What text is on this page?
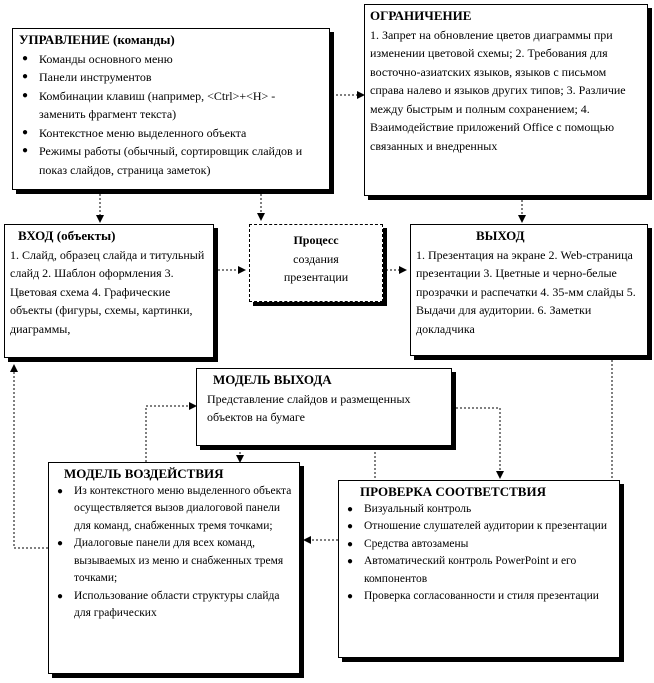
УПРАВЛЕНИЕ (команды)
● Команды основного меню
● Панели инструментов
● Комбинации клавиш (например, <Ctrl>+<H> - заменить фрагмент текста)
● Контекстное меню выделенного объекта
● Режимы работы (обычный, сортировщик слайдов и показ слайдов, страница заметок)
ОГРАНИЧЕНИЕ
1. Запрет на обновление цветов диаграммы при изменении цветовой схемы; 2. Требования для восточно-азиатских языков, языков с письмом справа налево и языков других типов; 3. Различие между быстрым и полным сохранением; 4. Взаимодействие приложений Office с помощью связанных и внедренных
ВХОД (объекты)
1. Слайд, образец слайда и титульный слайд 2. Шаблон оформления 3. Цветовая схема 4. Графические объекты (фигуры, схемы, картинки, диаграммы,
Процесс
создания
презентации
ВЫХОД
1. Презентация на экране 2. Web-страница презентации 3. Цветные и черно-белые прозрачки и распечатки 4. 35-мм слайды 5. Выдачи для аудитории. 6. Заметки докладчика
МОДЕЛЬ ВЫХОДА
Представление слайдов и размещенных объектов на бумаге
МОДЕЛЬ ВОЗДЕЙСТВИЯ
● Из контекстного меню выделенного объекта осуществляется вызов диалоговой панели для команд, снабженных тремя точками;
● Диалоговые панели для всех команд, вызываемых из меню и снабженных тремя точками;
● Использование области структуры слайда для графических
ПРОВЕРКА СООТВЕТСТВИЯ
● Визуальный контроль
● Отношение слушателей аудитории к презентации
● Средства автозамены
● Автоматический контроль PowerPoint и его компонентов
● Проверка согласованности и стиля презентации
